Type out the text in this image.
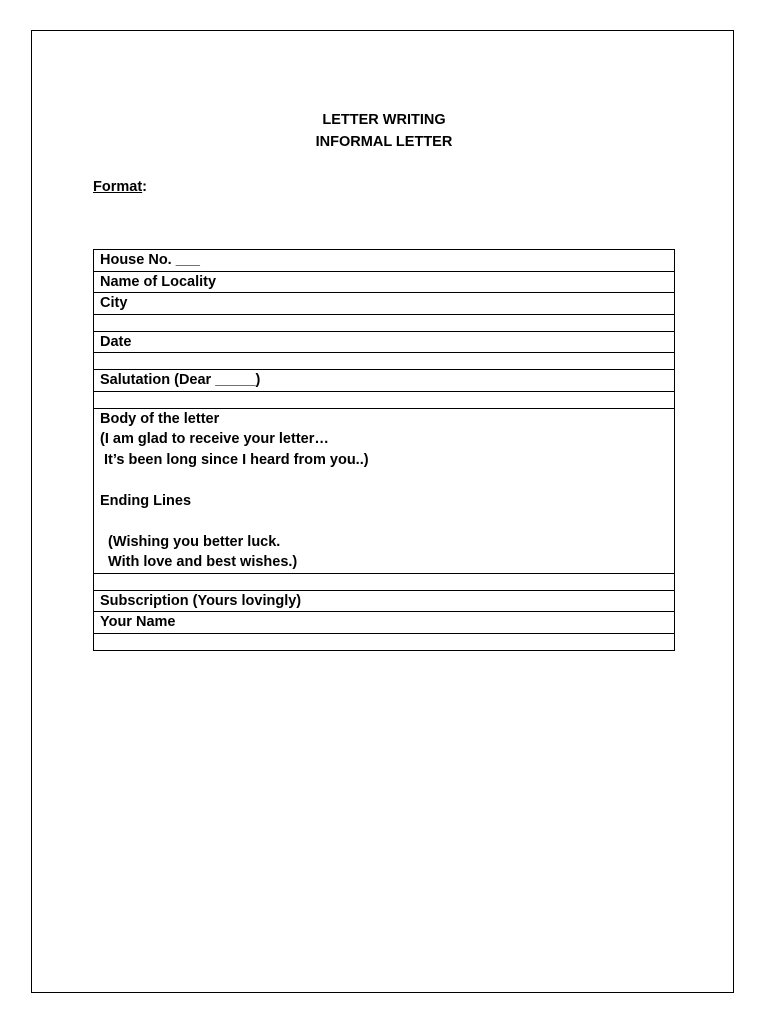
LETTER WRITING
INFORMAL LETTER
Format:
House No. ___
Name of Locality
City

Date

Salutation (Dear _____)

Body of the letter
(I am glad to receive your letter…
It’s been long since I heard from you..)

Ending Lines

(Wishing you better luck.
With love and best wishes.)

Subscription (Yours lovingly)
Your Name
